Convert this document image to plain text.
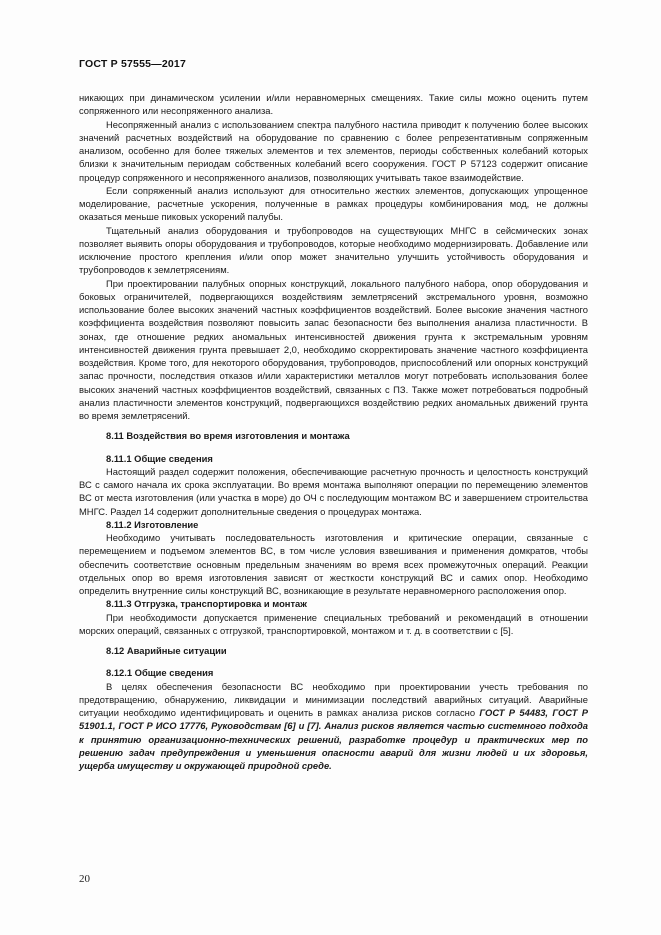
ГОСТ Р 57555—2017

никающих при динамическом усилении и/или неравномерных смещениях. Такие силы можно оценить путем сопряженного или несопряженного анализа.

Несопряженный анализ с использованием спектра палубного настила приводит к получению более высоких значений расчетных воздействий на оборудование по сравнению с более репрезентативным сопряженным анализом, особенно для более тяжелых элементов и тех элементов, периоды собственных колебаний которых близки к значительным периодам собственных колебаний всего сооружения. ГОСТ Р 57123 содержит описание процедур сопряженного и несопряженного анализов, позволяющих учитывать такое взаимодействие.

Если сопряженный анализ используют для относительно жестких элементов, допускающих упрощенное моделирование, расчетные ускорения, полученные в рамках процедуры комбинирования мод, не должны оказаться меньше пиковых ускорений палубы.

Тщательный анализ оборудования и трубопроводов на существующих МНГС в сейсмических зонах позволяет выявить опоры оборудования и трубопроводов, которые необходимо модернизировать. Добавление или исключение простого крепления и/или опор может значительно улучшить устойчивость оборудования и трубопроводов к землетрясениям.

При проектировании палубных опорных конструкций, локального палубного набора, опор оборудования и боковых ограничителей, подвергающихся воздействиям землетрясений экстремального уровня, возможно использование более высоких значений частных коэффициентов воздействий. Более высокие значения частного коэффициента воздействия позволяют повысить запас безопасности без выполнения анализа пластичности. В зонах, где отношение редких аномальных интенсивностей движения грунта к экстремальным уровням интенсивностей движения грунта превышает 2,0, необходимо скорректировать значение частного коэффициента воздействия. Кроме того, для некоторого оборудования, трубопроводов, приспособлений или опорных конструкций запас прочности, последствия отказов и/или характеристики металлов могут потребовать использования более высоких значений частных коэффициентов воздействий, связанных с ПЗ. Также может потребоваться подробный анализ пластичности элементов конструкций, подвергающихся воздействию редких аномальных движений грунта во время землетрясений.

8.11 Воздействия во время изготовления и монтажа

8.11.1 Общие сведения

Настоящий раздел содержит положения, обеспечивающие расчетную прочность и целостность конструкций ВС с самого начала их срока эксплуатации. Во время монтажа выполняют операции по перемещению элементов ВС от места изготовления (или участка в море) до ОЧ с последующим монтажом ВС и завершением строительства МНГС. Раздел 14 содержит дополнительные сведения о процедурах монтажа.

8.11.2 Изготовление

Необходимо учитывать последовательность изготовления и критические операции, связанные с перемещением и подъемом элементов ВС, в том числе условия взвешивания и применения домкратов, чтобы обеспечить соответствие основным предельным значениям во время всех промежуточных операций. Реакции отдельных опор во время изготовления зависят от жесткости конструкций ВС и самих опор. Необходимо определить внутренние силы конструкций ВС, возникающие в результате неравномерного расположения опор.

8.11.3 Отгрузка, транспортировка и монтаж

При необходимости допускается применение специальных требований и рекомендаций в отношении морских операций, связанных с отгрузкой, транспортировкой, монтажом и т. д. в соответствии с [5].

8.12 Аварийные ситуации

8.12.1 Общие сведения

В целях обеспечения безопасности ВС необходимо при проектировании учесть требования по предотвращению, обнаружению, ликвидации и минимизации последствий аварийных ситуаций. Аварийные ситуации необходимо идентифицировать и оценить в рамках анализа рисков согласно ГОСТ Р 54483, ГОСТ Р 51901.1, ГОСТ Р ИСО 17776, Руководствам [6] и [7]. Анализ рисков является частью системного подхода к принятию организационно-технических решений, разработке процедур и практических мер по решению задач предупреждения и уменьшения опасности аварий для жизни людей и их здоровья, ущерба имуществу и окружающей природной среде.

20
